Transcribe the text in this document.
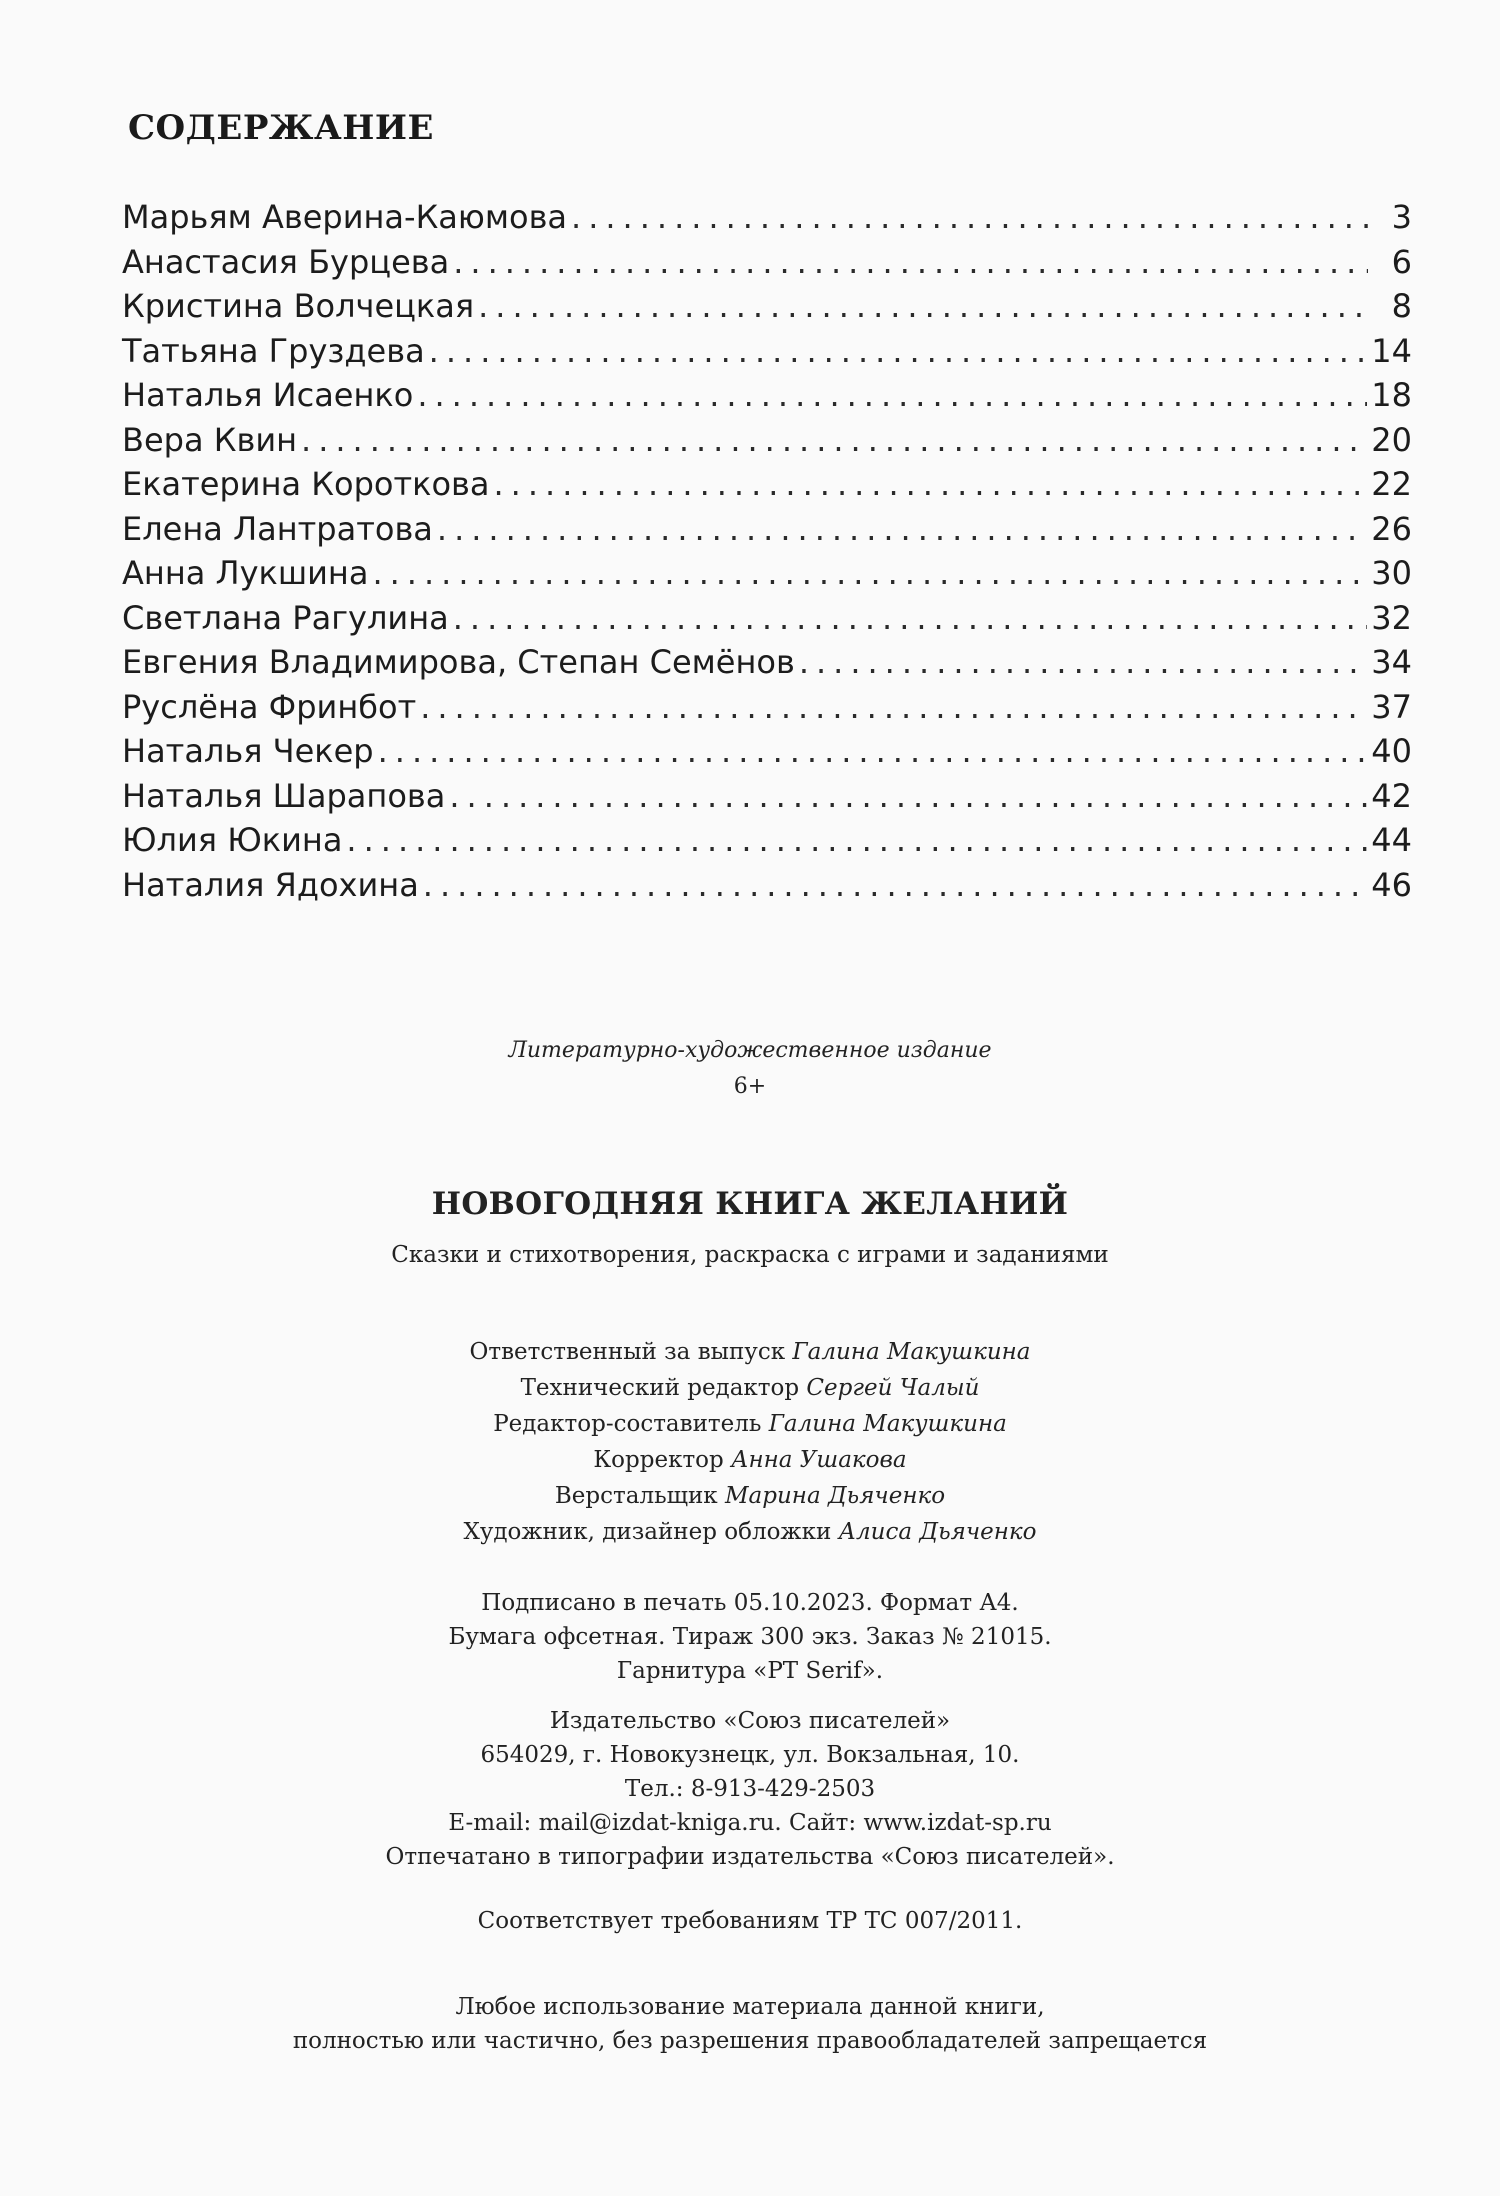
СОДЕРЖАНИЕ
Марьям Аверина-Каюмова .....	3
Анастасия Бурцева .....	6
Кристина Волчецкая .....	8
Татьяна Груздева .....	14
Наталья Исаенко .....	18
Вера Квин .....	20
Екатерина Короткова .....	22
Елена Лантратова .....	26
Анна Лукшина .....	30
Светлана Рагулина .....	32
Евгения Владимирова, Степан Семёнов .....	34
Руслёна Фринбот .....	37
Наталья Чекер .....	40
Наталья Шарапова .....	42
Юлия Юкина .....	44
Наталия Ядохина .....	46
Литературно-художественное издание
6+
НОВОГОДНЯЯ КНИГА ЖЕЛАНИЙ
Сказки и стихотворения, раскраска с играми и заданиями
Ответственный за выпуск Галина Макушкина
Технический редактор Сергей Чалый
Редактор-составитель Галина Макушкина
Корректор Анна Ушакова
Верстальщик Марина Дьяченко
Художник, дизайнер обложки Алиса Дьяченко
Подписано в печать 05.10.2023. Формат А4.
Бумага офсетная. Тираж 300 экз. Заказ № 21015.
Гарнитура «PT Serif».
Издательство «Союз писателей»
654029, г. Новокузнецк, ул. Вокзальная, 10.
Тел.: 8-913-429-2503
E-mail: mail@izdat-kniga.ru. Сайт: www.izdat-sp.ru
Отпечатано в типографии издательства «Союз писателей».
Соответствует требованиям ТР ТС 007/2011.
Любое использование материала данной книги,
полностью или частично, без разрешения правообладателей запрещается
